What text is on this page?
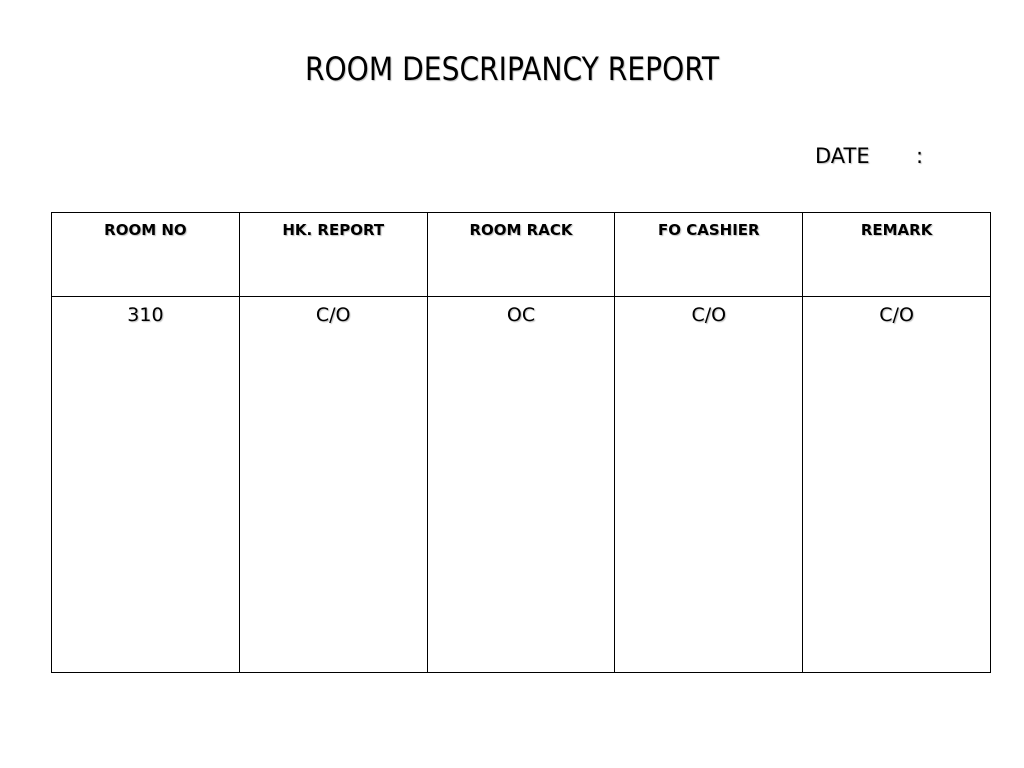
ROOM DESCRIPANCY REPORT
DATE :
ROOM NO	HK. REPORT	ROOM RACK	FO CASHIER	REMARK
310	C/O	OC	C/O	C/O
